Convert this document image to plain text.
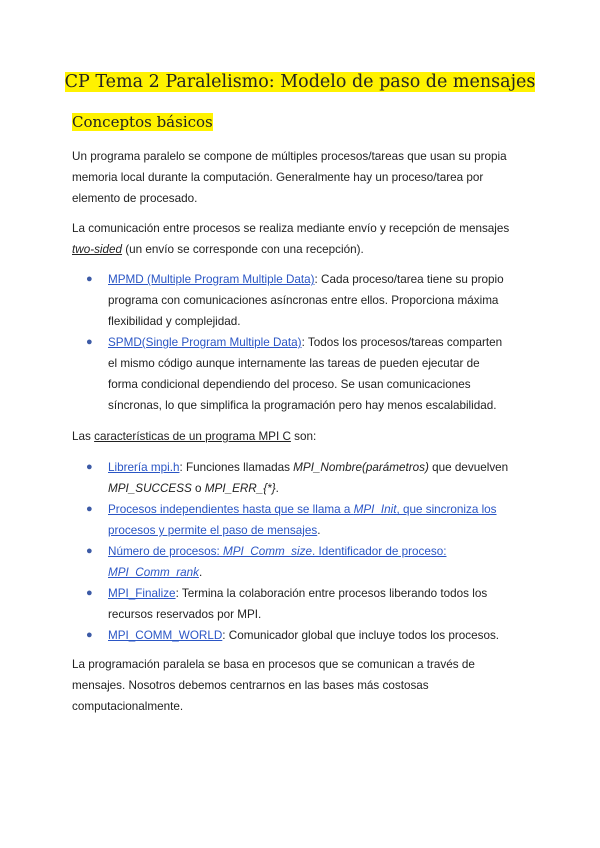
CP Tema 2 Paralelismo: Modelo de paso de mensajes
Conceptos básicos

Un programa paralelo se compone de múltiples procesos/tareas que usan su propia
memoria local durante la computación. Generalmente hay un proceso/tarea por
elemento de procesado.

La comunicación entre procesos se realiza mediante envío y recepción de mensajes
two-sided (un envío se corresponde con una recepción).

● MPMD (Multiple Program Multiple Data): Cada proceso/tarea tiene su propio
programa con comunicaciones asíncronas entre ellos. Proporciona máxima
flexibilidad y complejidad.
● SPMD(Single Program Multiple Data): Todos los procesos/tareas comparten
el mismo código aunque internamente las tareas de pueden ejecutar de
forma condicional dependiendo del proceso. Se usan comunicaciones
síncronas, lo que simplifica la programación pero hay menos escalabilidad.

Las características de un programa MPI C son:

● Librería mpi.h: Funciones llamadas MPI_Nombre(parámetros) que devuelven
MPI_SUCCESS o MPI_ERR_{*}.
● Procesos independientes hasta que se llama a MPI_Init, que sincroniza los
procesos y permite el paso de mensajes.
● Número de procesos: MPI_Comm_size. Identificador de proceso:
MPI_Comm_rank.
● MPI_Finalize: Termina la colaboración entre procesos liberando todos los
recursos reservados por MPI.
● MPI_COMM_WORLD: Comunicador global que incluye todos los procesos.

La programación paralela se basa en procesos que se comunican a través de
mensajes. Nosotros debemos centrarnos en las bases más costosas
computacionalmente.
